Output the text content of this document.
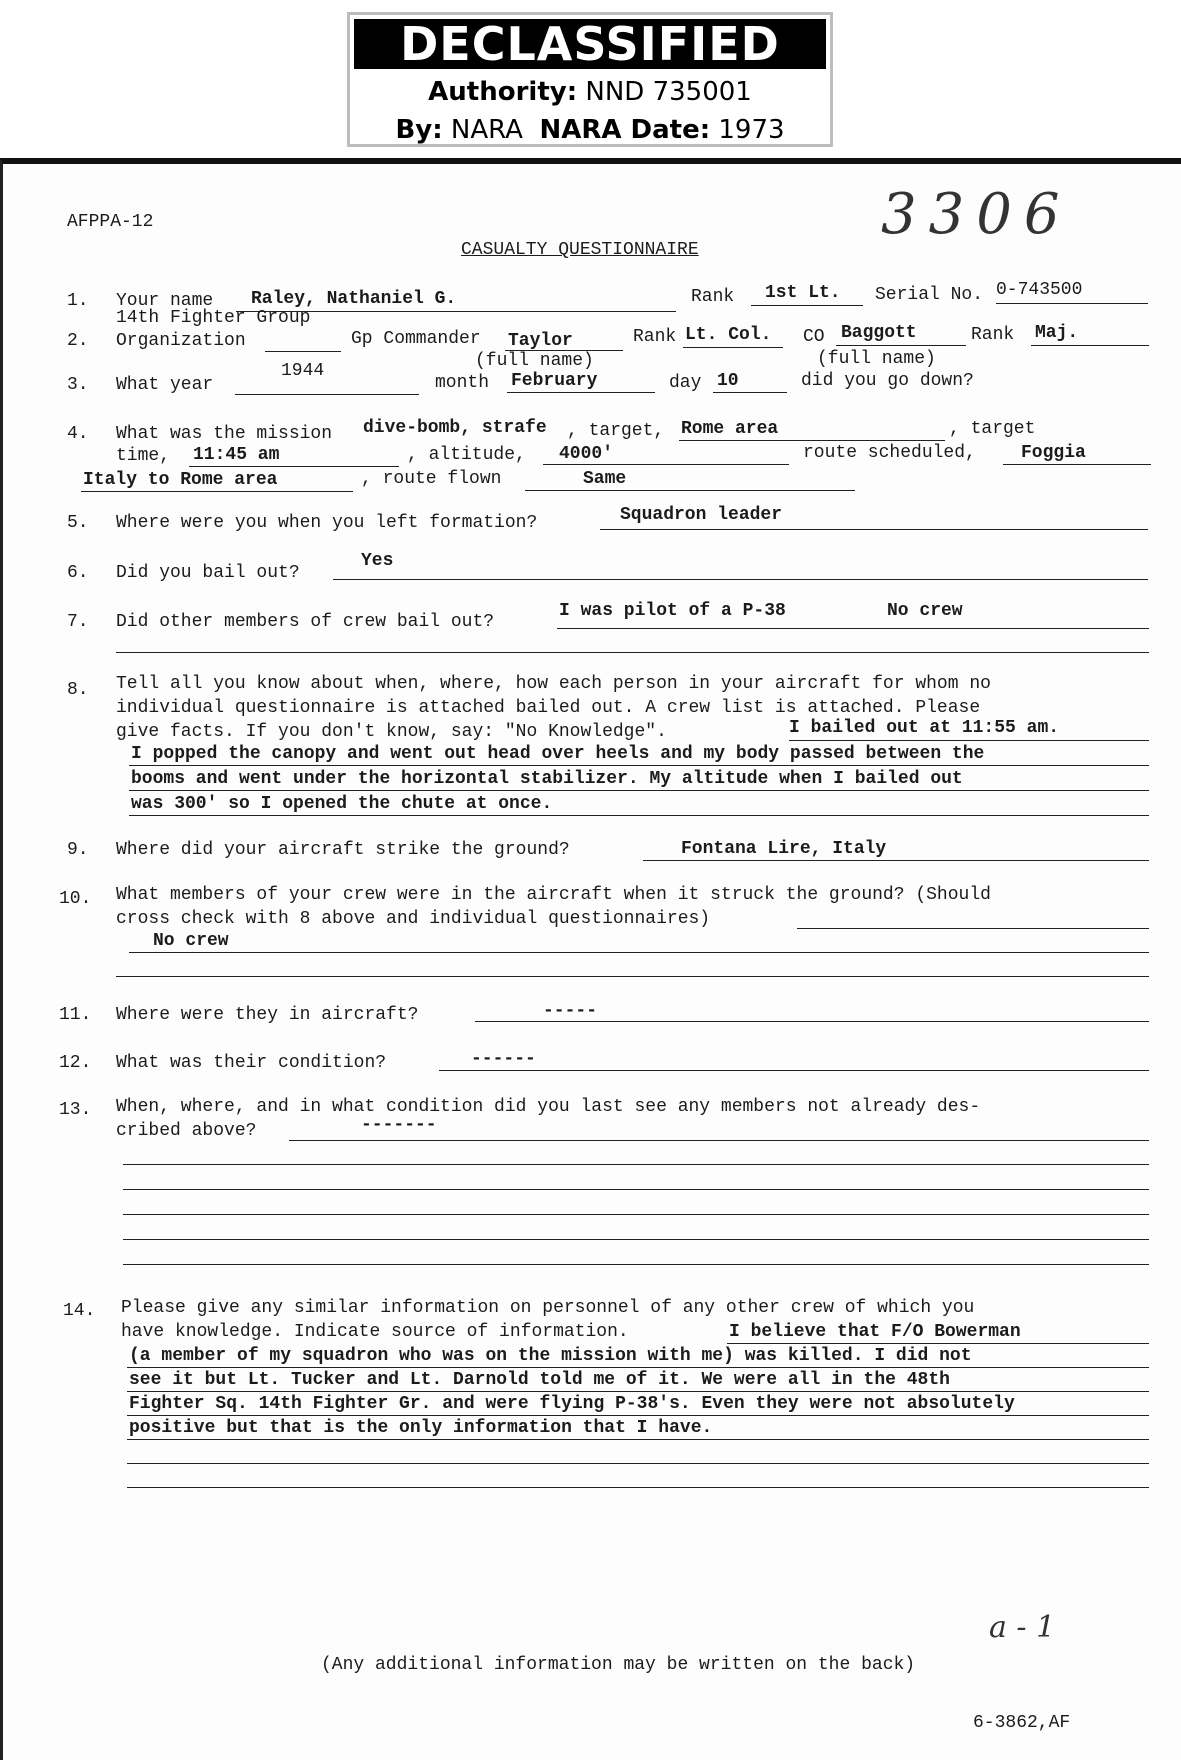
DECLASSIFIED
Authority: NND 735001
By: NARA NARA Date: 1973
AFPPA-12
CASUALTY QUESTIONNAIRE
3306
1. Your name Raley, Nathaniel G.	Rank 1st Lt. Serial No. 0-743500
14th Fighter Group
2. Organization	Gp Commander Taylor
(full name)
Rank Lt. Col. CO Baggott
(full name)
Rank Maj.
3. What year
1944
month February	day 10	did you go down?
4. What was the mission dive-bomb, strafe , target, Rome area	, target
time, 11:45 am	, altitude, 4000'	route scheduled,	Foggia
Italy to Rome area	, route flown	Same
5. Where were you when you left formation?	Squadron leader
6. Did you bail out?
Yes
7. Did other members of crew bail out?
I was pilot of a P-38	No crew
8. Tell all you know about when, where, how each person in your aircraft for whom no
individual questionnaire is attached bailed out. A crew list is attached. Please
give facts. If you don't know, say: "No Knowledge".	I bailed out at 11:55 am.
I popped the canopy and went out head over heels and my body passed between the
booms and went under the horizontal stabilizer. My altitude when I bailed out
was 300' so I opened the chute at once.
9. Where did your aircraft strike the ground?	Fontana Lire, Italy
10. What members of your crew were in the aircraft when it struck the ground? (Should
cross check with 8 above and individual questionnaires)
No crew
11. Where were they in aircraft?	-----
12. What was their condition?	------
13. When, where, and in what condition did you last see any members not already des-
cribed above?	-------
14. Please give any similar information on personnel of any other crew of which you
have knowledge. Indicate source of information.	I believe that F/O Bowerman
(a member of my squadron who was on the mission with me) was killed. I did not
see it but Lt. Tucker and Lt. Darnold told me of it. We were all in the 48th
Fighter Sq. 14th Fighter Gr. and were flying P-38's. Even they were not absolutely
positive but that is the only information that I have.
a - 1
(Any additional information may be written on the back)
6-3862,AF
